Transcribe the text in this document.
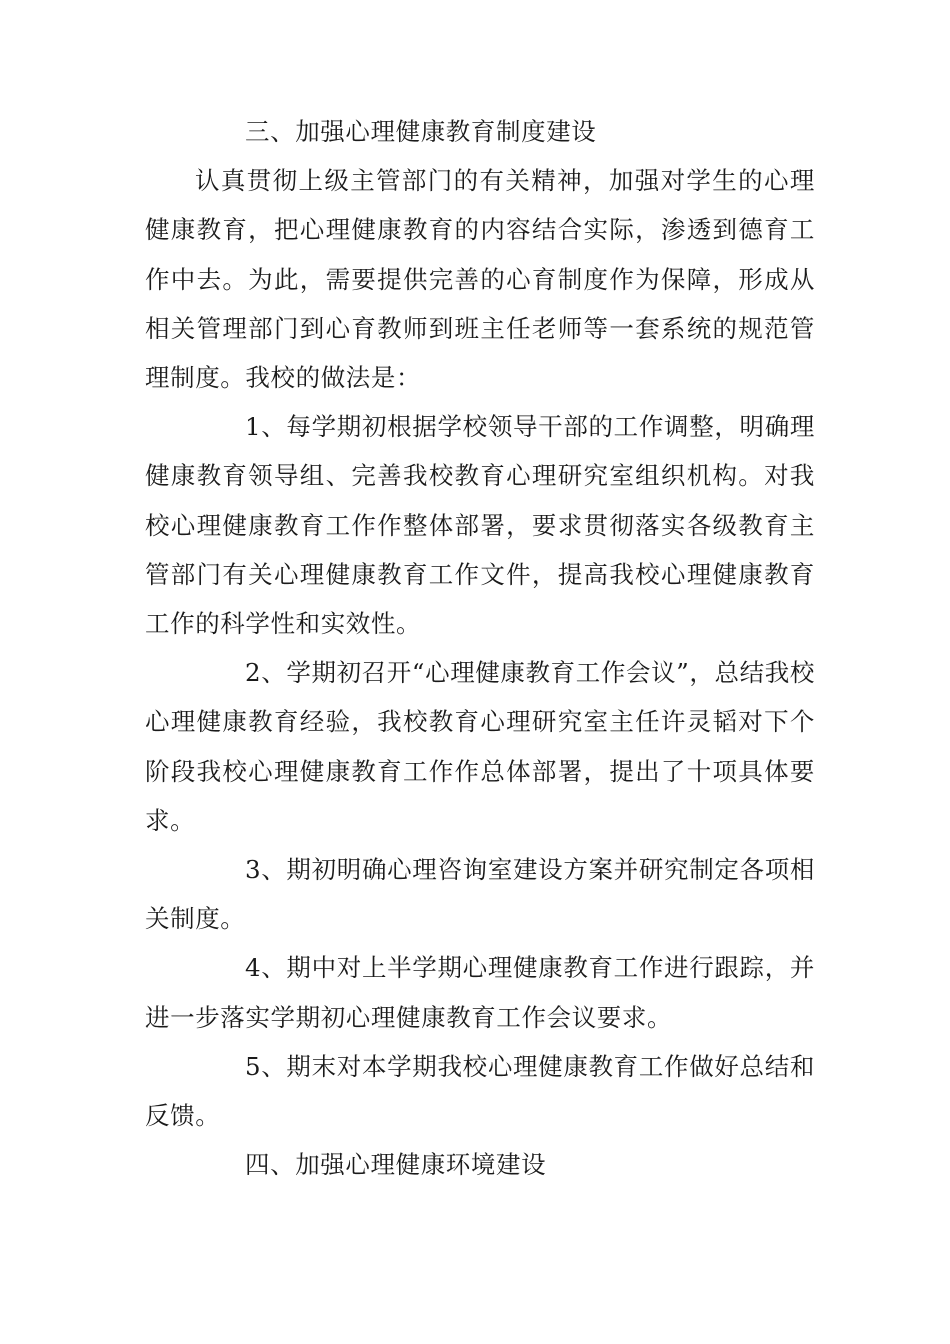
三、加强心理健康教育制度建设

认真贯彻上级主管部门的有关精神，加强对学生的心理健康教育，把心理健康教育的内容结合实际，渗透到德育工作中去。为此，需要提供完善的心育制度作为保障，形成从相关管理部门到心育教师到班主任老师等一套系统的规范管理制度。我校的做法是：

1、每学期初根据学校领导干部的工作调整，明确理健康教育领导组、完善我校教育心理研究室组织机构。对我校心理健康教育工作作整体部署，要求贯彻落实各级教育主管部门有关心理健康教育工作文件，提高我校心理健康教育工作的科学性和实效性。

2、学期初召开“心理健康教育工作会议”，总结我校心理健康教育经验，我校教育心理研究室主任许灵韬对下个阶段我校心理健康教育工作作总体部署，提出了十项具体要求。

3、期初明确心理咨询室建设方案并研究制定各项相关制度。

4、期中对上半学期心理健康教育工作进行跟踪，并进一步落实学期初心理健康教育工作会议要求。

5、期末对本学期我校心理健康教育工作做好总结和反馈。

四、加强心理健康环境建设
